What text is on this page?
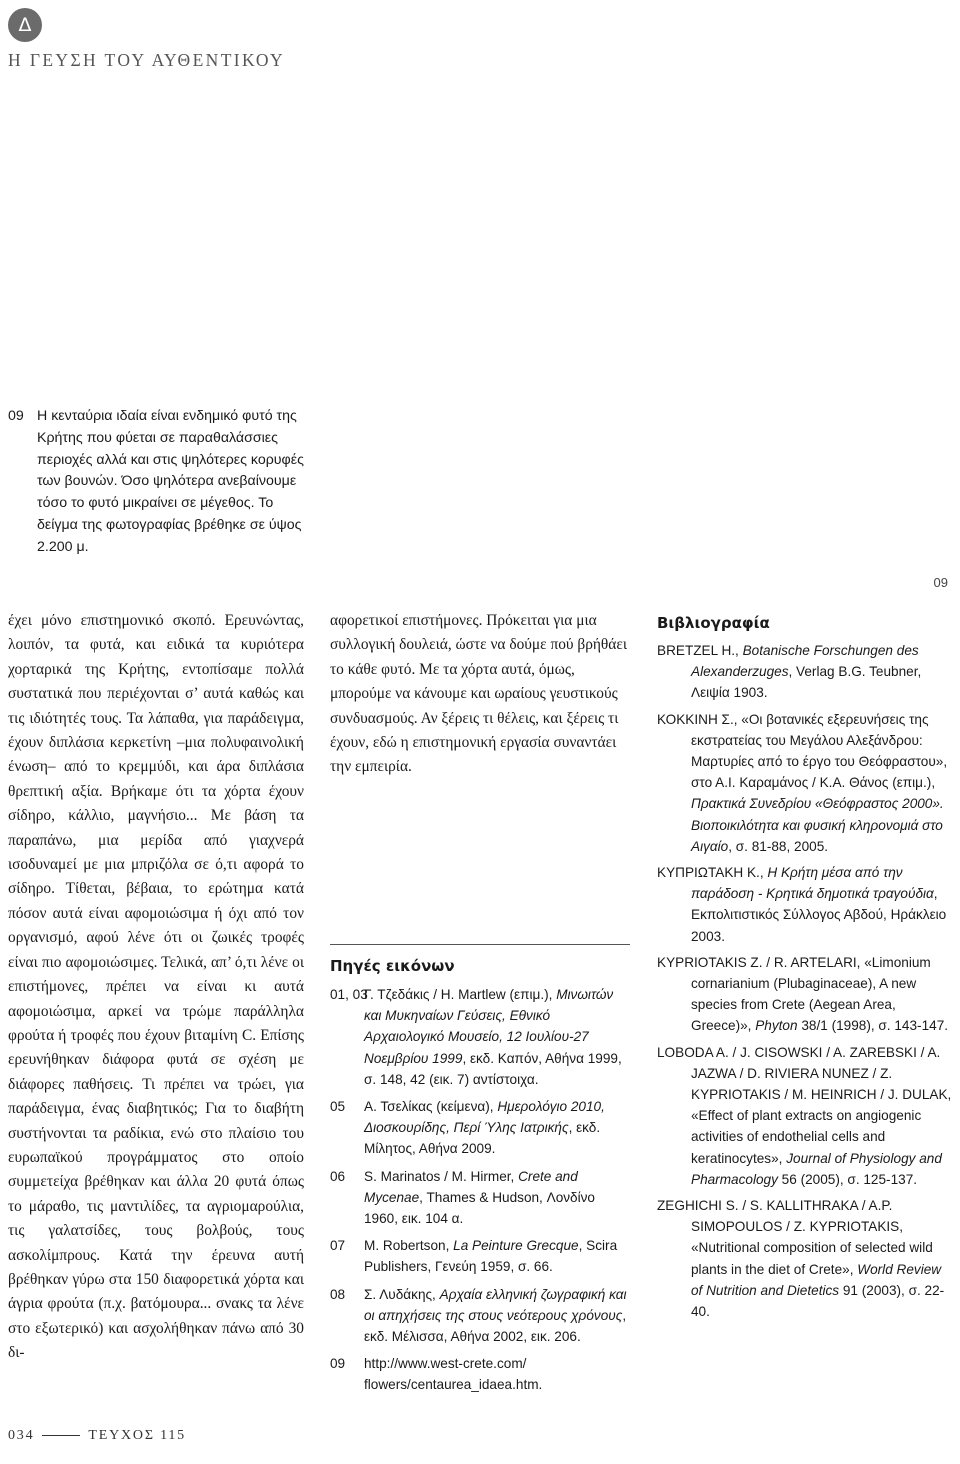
Δ
Η ΓΕΥΣΗ ΤΟΥ ΑΥΘΕΝΤΙΚΟΥ
09 Η κενταύρια ιδαία είναι ενδημικό φυτό της Κρήτης που φύεται σε παραθαλάσσιες περιοχές αλλά και στις ψηλότερες κορυφές των βουνών. Όσο ψηλότερα ανεβαίνουμε τόσο το φυτό μικραίνει σε μέγεθος. Το δείγμα της φωτογραφίας βρέθηκε σε ύψος 2.200 μ.
09
έχει μόνο επιστημονικό σκοπό. Ερευνώντας, λοιπόν, τα φυτά, και ειδικά τα κυριότερα χορταρικά της Κρήτης, εντοπίσαμε πολλά συστατικά που περιέχονται σ’ αυτά καθώς και τις ιδιότητές τους. Τα λάπαθα, για παράδειγμα, έχουν διπλάσια κερκετίνη –μια πολυφαινολική ένωση– από το κρεμμύδι, και άρα διπλάσια θρεπτική αξία. Βρήκαμε ότι τα χόρτα έχουν σίδηρο, κάλλιο, μαγνήσιο... Με βάση τα παραπάνω, μια μερίδα από γιαχνερά ισοδυναμεί με μια μπριζόλα σε ό,τι αφορά το σίδηρο. Τίθεται, βέβαια, το ερώτημα κατά πόσον αυτά είναι αφομοιώσιμα ή όχι από τον οργανισμό, αφού λένε ότι οι ζωικές τροφές είναι πιο αφομοιώσιμες. Τελικά, απ’ ό,τι λένε οι επιστήμονες, πρέπει να είναι κι αυτά αφομοιώσιμα, αρκεί να τρώμε παράλληλα φρούτα ή τροφές που έχουν βιταμίνη C. Επίσης ερευνήθηκαν διάφορα φυτά σε σχέση με διάφορες παθήσεις. Τι πρέπει να τρώει, για παράδειγμα, ένας διαβητικός; Για το διαβήτη συστήνονται τα ραδίκια, ενώ στο πλαίσιο του ευρωπαϊκού προγράμματος στο οποίο συμμετείχα βρέθηκαν και άλλα 20 φυτά όπως το μάραθο, τις μαντιλίδες, τα αγριομαρούλια, τις γαλατσίδες, τους βολβούς, τους ασκολίμπρους. Κατά την έρευνα αυτή βρέθηκαν γύρω στα 150 διαφορετικά χόρτα και άγρια φρούτα (π.χ. βατόμουρα... σνακς τα λένε στο εξωτερικό) και ασχολήθηκαν πάνω από 30 δι-
αφορετικοί επιστήμονες. Πρόκειται για μια συλλογική δουλειά, ώστε να δούμε πού βρήθάει το κάθε φυτό. Με τα χόρτα αυτά, όμως, μπορούμε να κάνουμε και ωραίους γευστικούς συνδυασμούς. Αν ξέρεις τι θέλεις, και ξέρεις τι έχουν, εδώ η επιστημονική εργασία συναντάει την εμπειρία.
Πηγές εικόνων
01, 03
Γ. Τζεδάκις / Η. Martlew (επιμ.), Μινωιτών και Μυκηναίων Γεύσεις, Εθνικό Αρχαιολογικό Μουσείο, 12 Ιουλίου-27 Νοεμβρίου 1999, εκδ. Καπόν, Αθήνα 1999, σ. 148, 42 (εικ. 7) αντίστοιχα.
05 Α. Τσελίκας (κείμενα), Ημερολόγιο 2010, Διοσκουρίδης, Περί Ύλης Ιατρικής, εκδ. Μίλητος, Αθήνα 2009.
06 S. Marinatos / M. Hirmer, Crete and Mycenae, Thames & Hudson, Λονδίνο 1960, εικ. 104 α.
07 M. Robertson, La Peinture Grecque, Scira Publishers, Γενεύη 1959, σ. 66.
08 Σ. Λυδάκης, Αρχαία ελληνική ζωγραφική και οι απηχήσεις της στους νεότερους χρόνους, εκδ. Μέλισσα, Αθήνα 2002, εικ. 206.
09 http://www.west-crete.com/ flowers/centaurea_idaea.htm.
Βιβλιογραφία
BRETZEL H., Botanische Forschungen des Alexanderzuges, Verlag B.G. Teubner, Λειψία 1903.
ΚΟΚΚΙΝΗ Σ., «Οι βοτανικές εξερευνήσεις της εκστρατείας του Μεγάλου Αλεξάνδρου: Μαρτυρίες από το έργο του Θεόφραστου», στο Α.Ι. Καραμάνος / Κ.Α. Θάνος (επιμ.), Πρακτικά Συνεδρίου «Θεόφραστος 2000». Βιοποικιλότητα και φυσική κληρονομιά στο Αιγαίο, σ. 81-88, 2005.
ΚΥΠΡΙΩΤΑΚΗ Κ., Η Κρήτη μέσα από την παράδοση - Κρητικά δημοτικά τραγούδια, Εκπολιτιστικός Σύλλογος Αβδού, Ηράκλειο 2003.
KYPRIOTAKIS Z. / R. ARTELARI, «Limonium cornarianium (Plubaginaceae), A new species from Crete (Aegean Area, Greece)», Phyton 38/1 (1998), σ. 143-147.
LOBODA A. / J. CISOWSKI / A. ZAREBSKI / A. JAZWA / D. RIVIERA NUNEZ / Z. KYPRIOTAKIS / M. HEINRICH / J. DULAK, «Effect of plant extracts on angiogenic activities of endothelial cells and keratinocytes», Journal of Physiology and Pharmacology 56 (2005), σ. 125-137.
ZEGHICHI S. / S. KALLITHRAKA / A.P. SIMOPOULOS / Z. KYPRIOTAKIS, «Nutritional composition of selected wild plants in the diet of Crete», World Review of Nutrition and Dietetics 91 (2003), σ. 22-40.
034	ΤΕΥΧΟΣ 115
